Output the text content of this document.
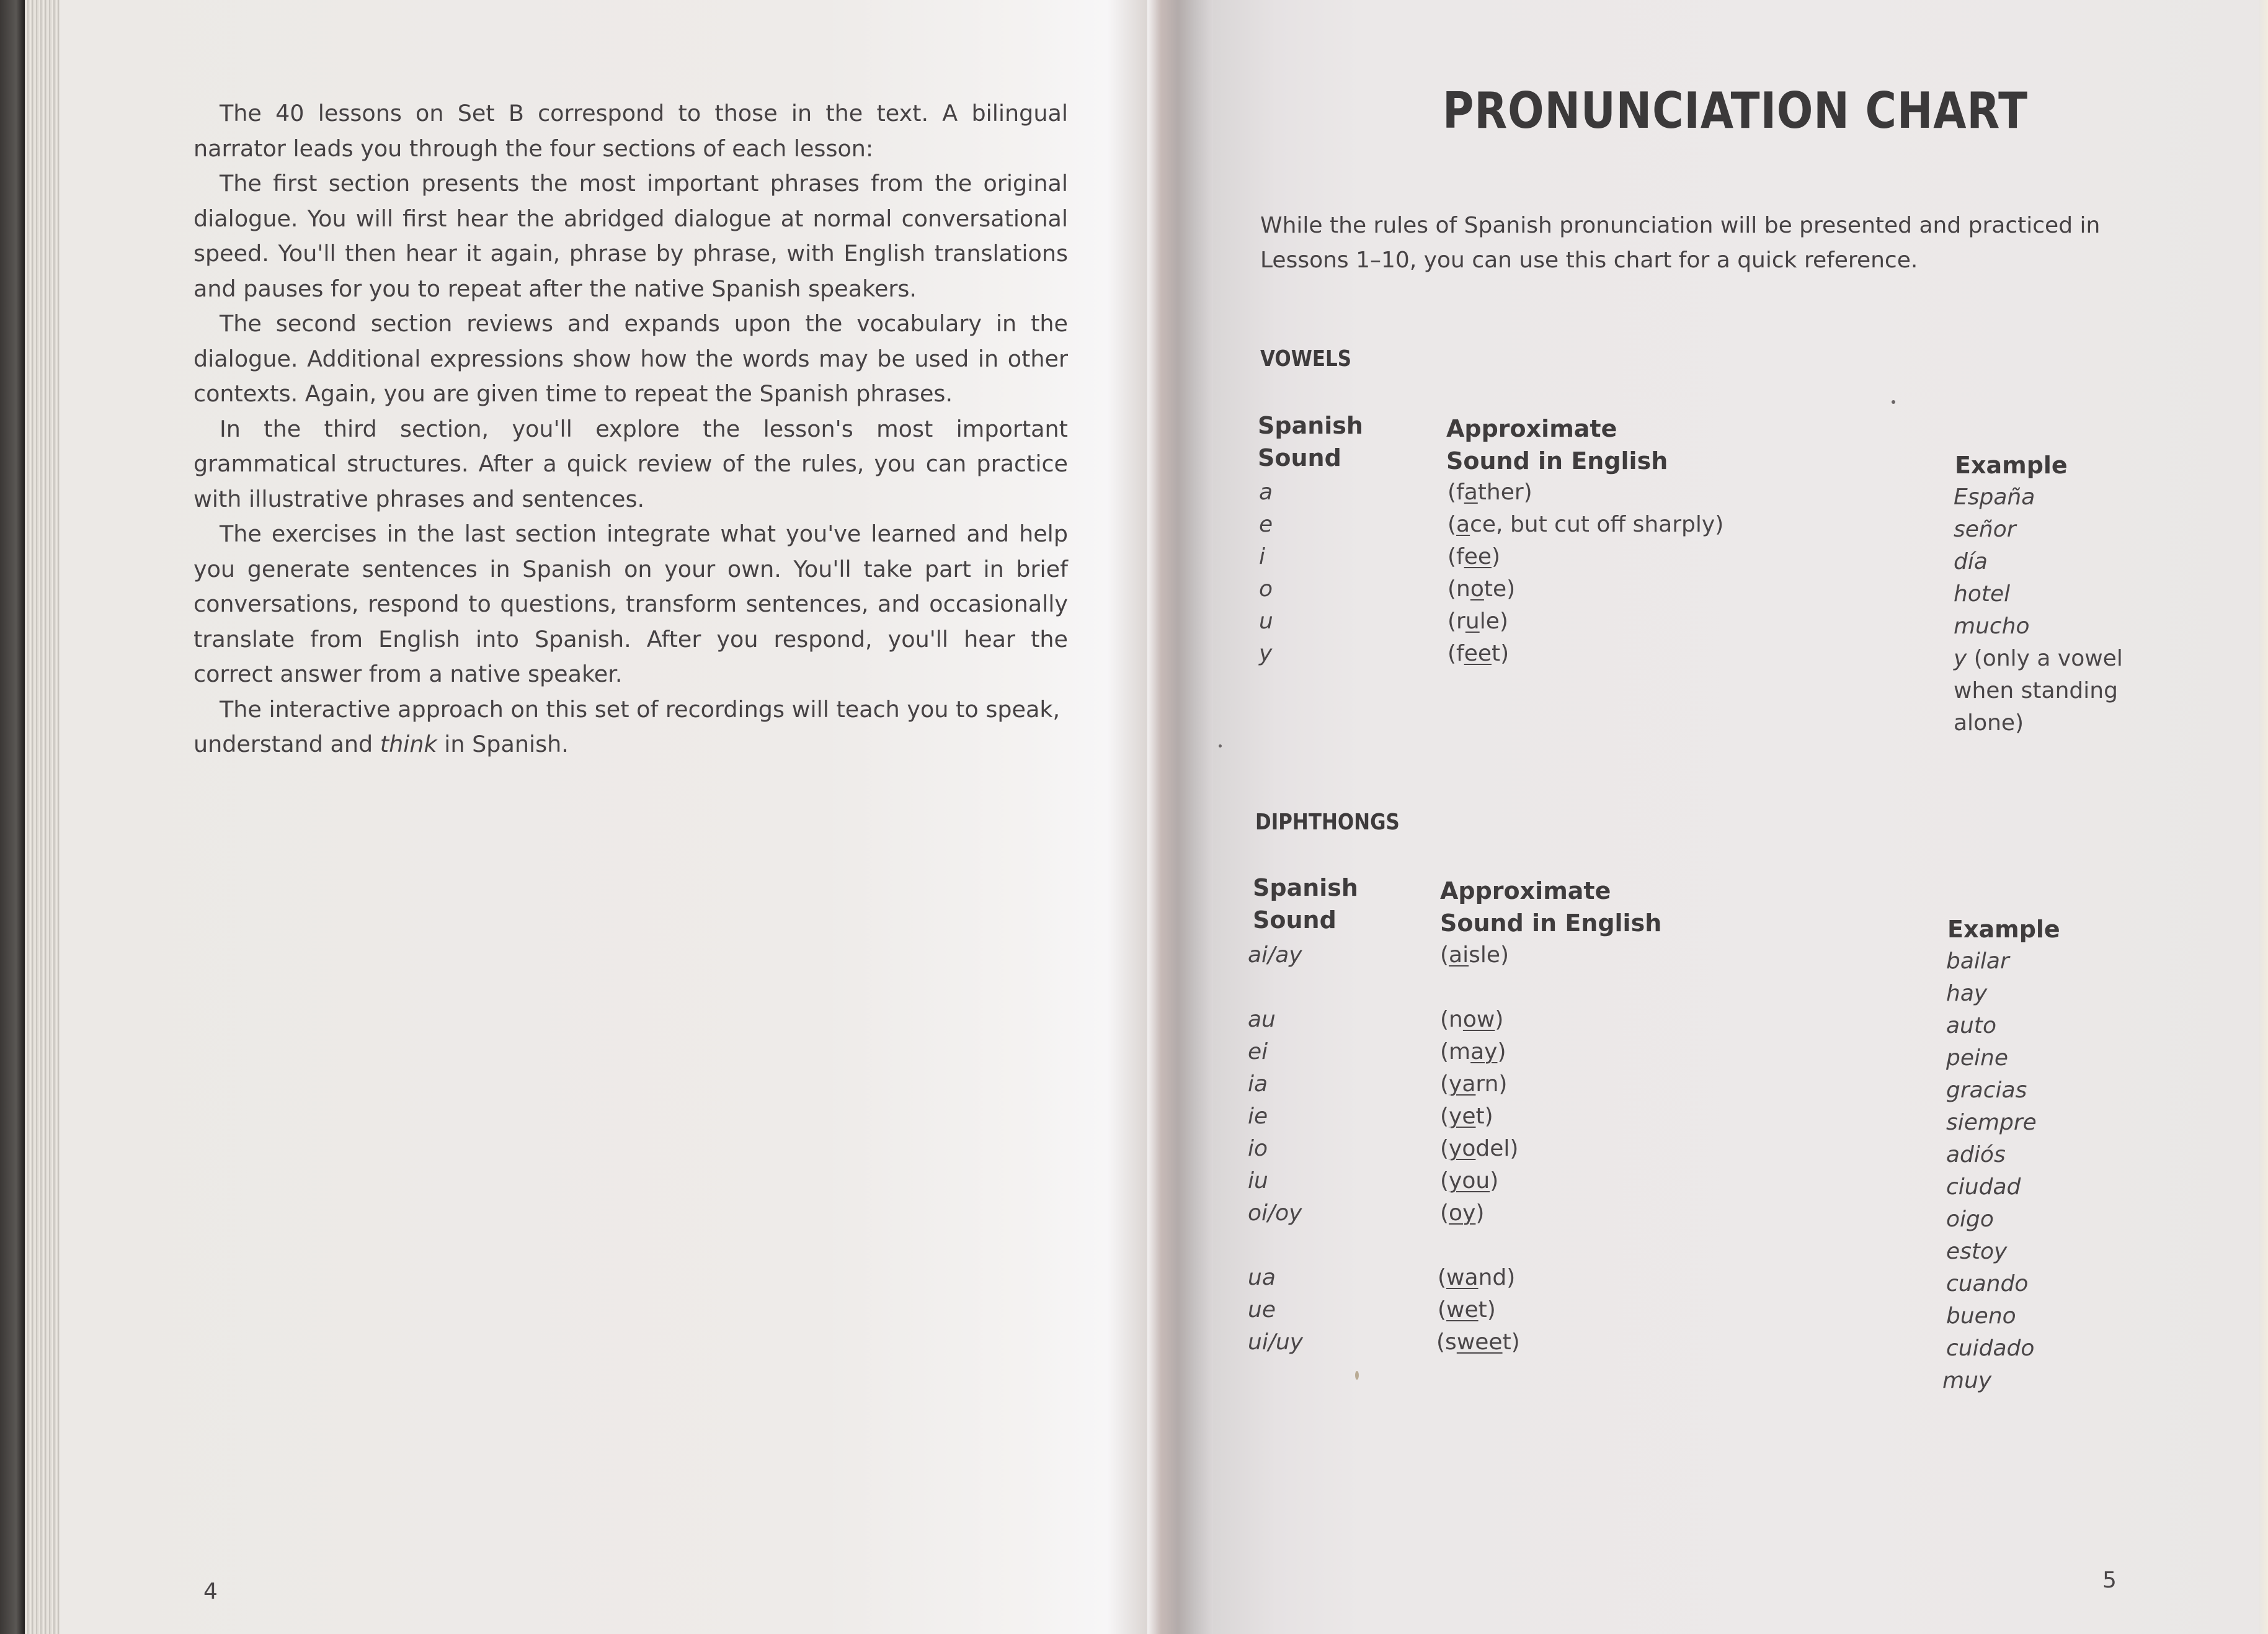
The 40 lessons on Set B correspond to those in the text. A bilingual narrator leads you through the four sections of each lesson:

The first section presents the most important phrases from the original dialogue. You will first hear the abridged dialogue at normal conversational speed. You'll then hear it again, phrase by phrase, with English translations and pauses for you to repeat after the native Spanish speakers.

The second section reviews and expands upon the vocabulary in the dialogue. Additional expressions show how the words may be used in other contexts. Again, you are given time to repeat the Spanish phrases.

In the third section, you'll explore the lesson's most important grammatical structures. After a quick review of the rules, you can practice with illustrative phrases and sentences.

The exercises in the last section integrate what you've learned and help you generate sentences in Spanish on your own. You'll take part in brief conversations, respond to questions, transform sentences, and occasionally translate from English into Spanish. After you respond, you'll hear the correct answer from a native speaker.

The interactive approach on this set of recordings will teach you to speak, understand and think in Spanish.

4
PRONUNCIATION CHART
While the rules of Spanish pronunciation will be presented and practiced in Lessons 1–10, you can use this chart for a quick reference.
VOWELS
Spanish
Sound
Approximate
Sound in English	Example
a	(father)	España
e	(ace, but cut off sharply)	señor
i	(fee)	día
o	(note)	hotel
u	(rule)	mucho
y	(feet)	y (only a vowel
when standing
alone)
DIPHTHONGS
Spanish
Sound
Approximate
Sound in English	Example
ai/ay	(aisle)	bailar
hay
au	(now)	auto
ei	(may)	peine
ia	(yarn)	gracias
ie	(yet)	siempre
io	(yodel)	adiós
iu	(you)	ciudad
oi/oy	(oy)	oigo
estoy
ua	(wand)	cuando
ue	(wet)	bueno
ui/uy	(sweet)	cuidado
muy
5
